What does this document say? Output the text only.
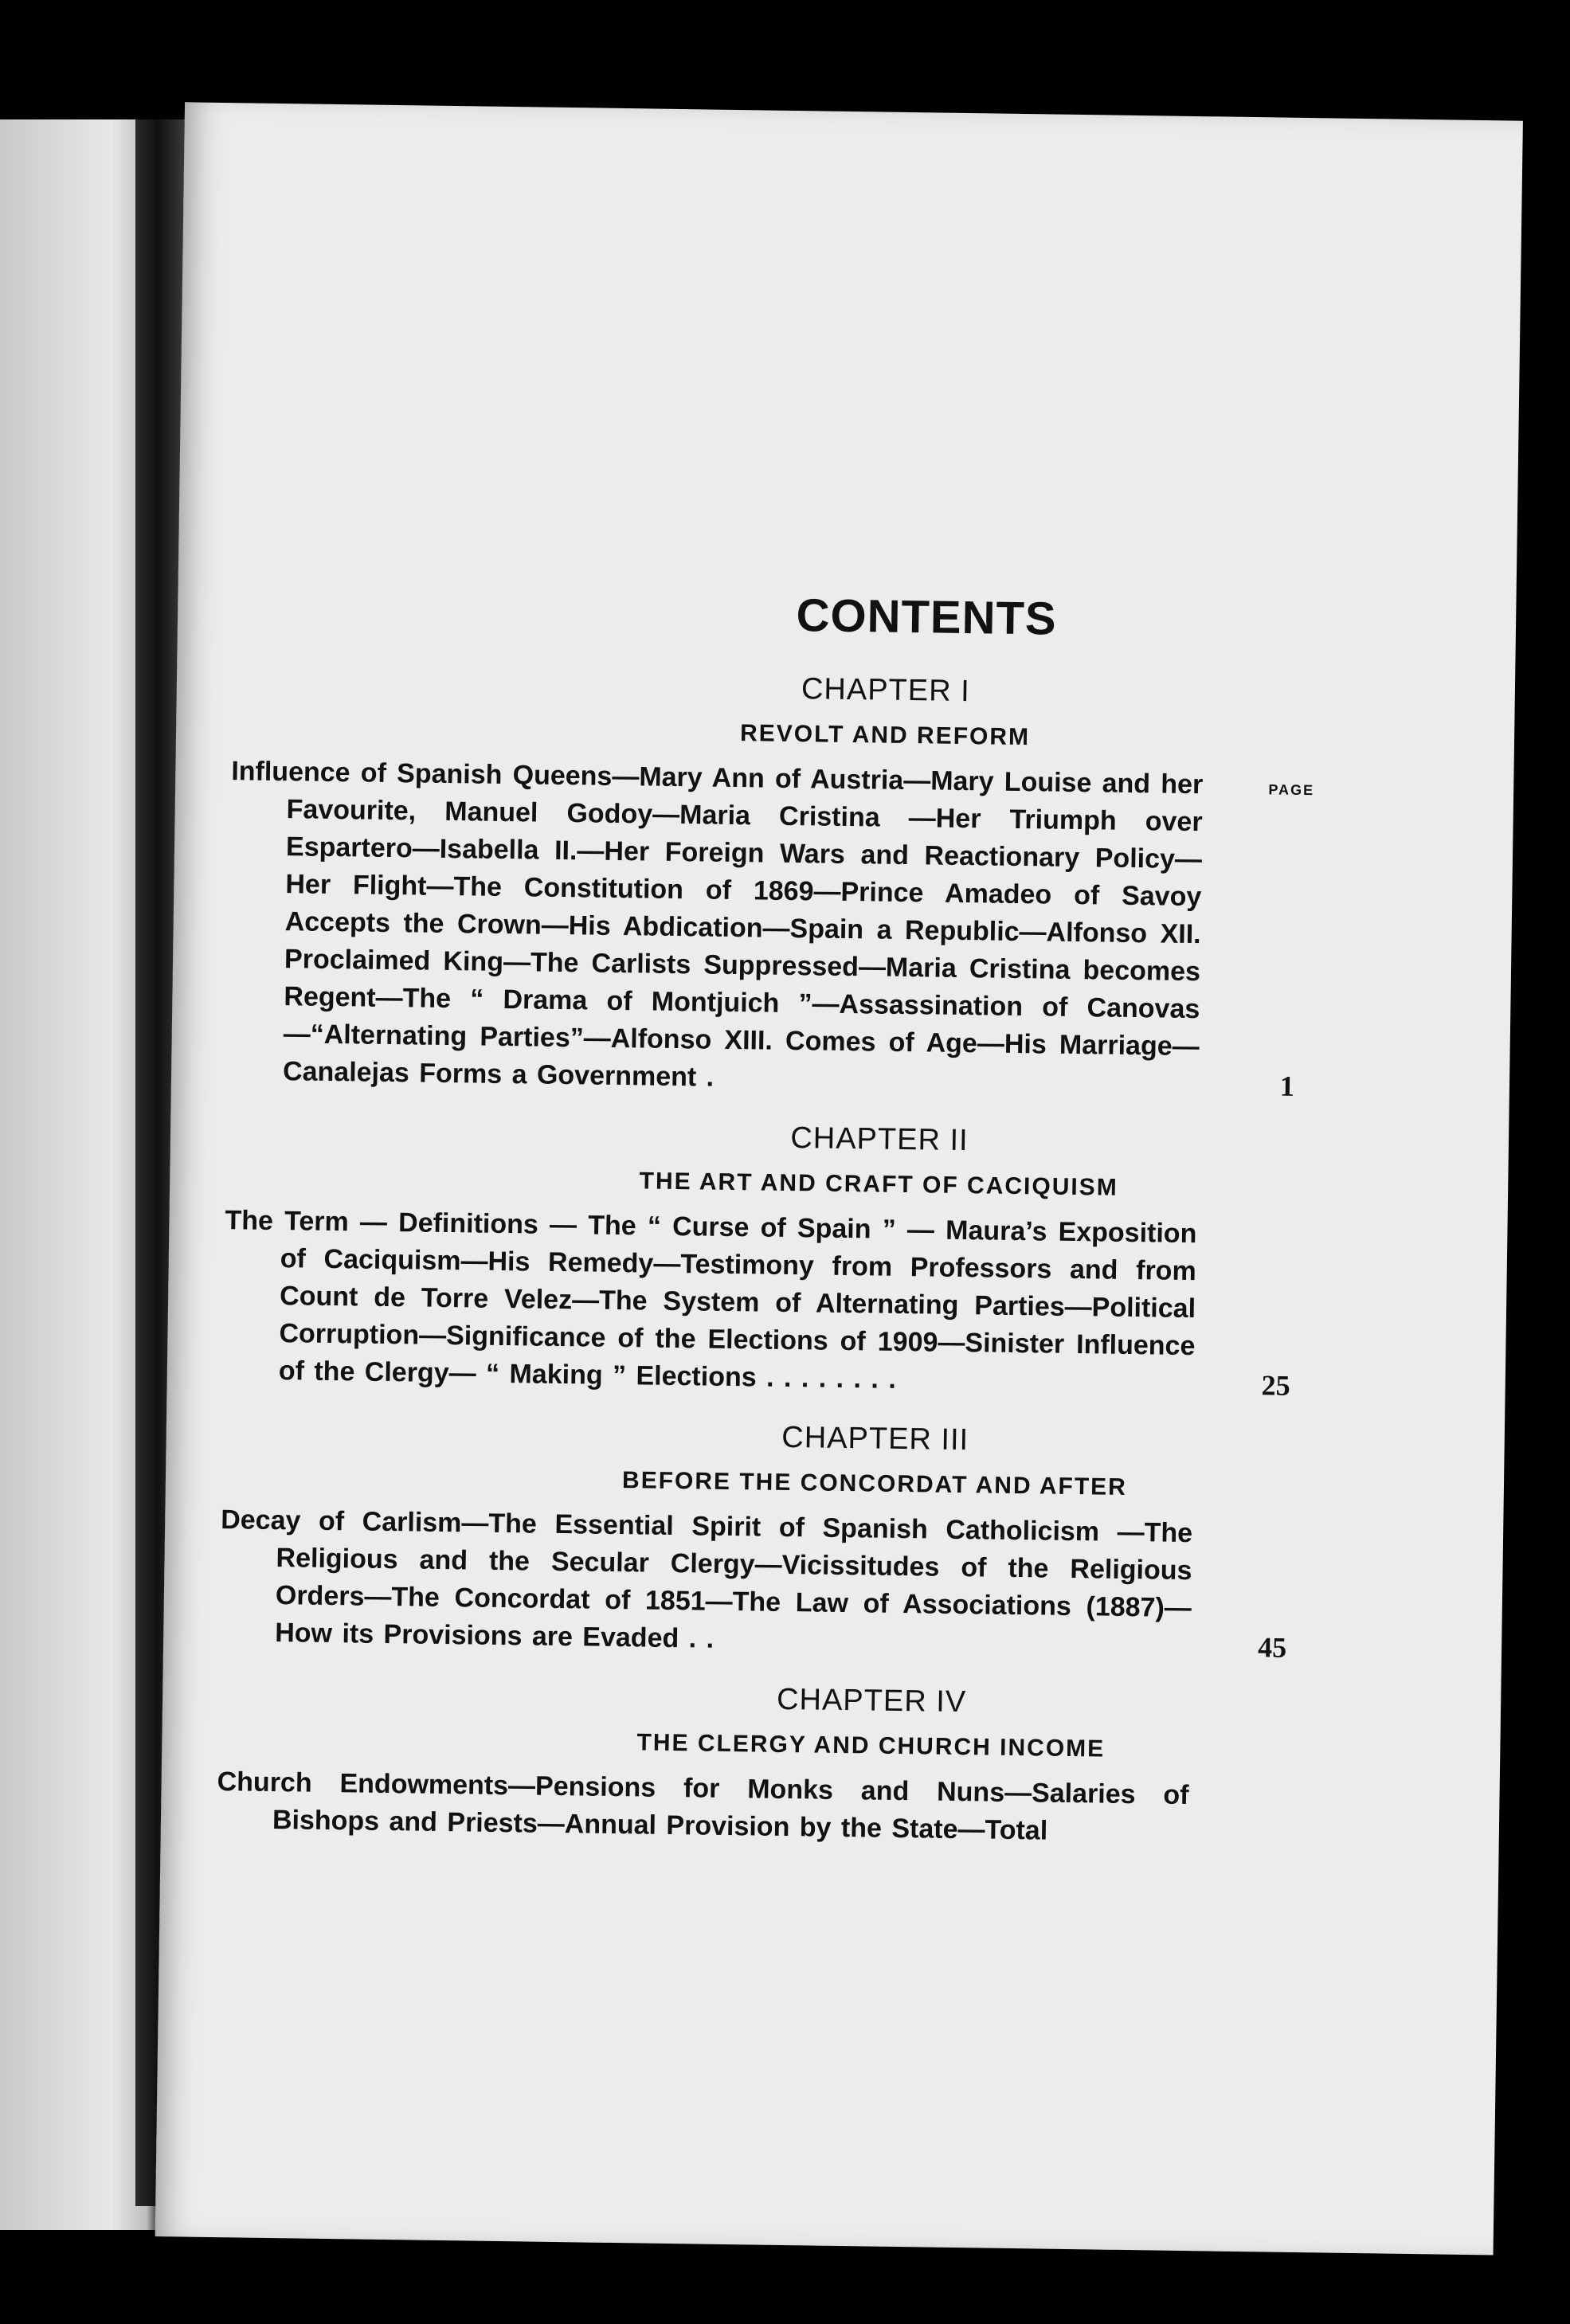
CONTENTS
CHAPTER I
REVOLT AND REFORM

Influence of Spanish Queens—Mary Ann of Austria—Mary Louise and her Favourite, Manuel Godoy—Maria Cristina —Her Triumph over Espartero—Isabella II.—Her Foreign Wars and Reactionary Policy—Her Flight—The Constitution of 1869—Prince Amadeo of Savoy Accepts the Crown—His Abdication—Spain a Republic—Alfonso XII. Proclaimed King—The Carlists Suppressed—Maria Cristina becomes Regent—The “ Drama of Montjuich ”—Assassination of Canovas—“Alternating Parties”—Alfonso XIII. Comes of Age—His Marriage—Canalejas Forms a Government .

PAGE
1
CHAPTER II
THE ART AND CRAFT OF CACIQUISM

The Term — Definitions — The “ Curse of Spain ” — Maura’s Exposition of Caciquism—His Remedy—Testimony from Professors and from Count de Torre Velez—The System of Alternating Parties—Political Corruption—Significance of the Elections of 1909—Sinister Influence of the Clergy— “ Making ” Elections . . . . . . . .	25
CHAPTER III
BEFORE THE CONCORDAT AND AFTER

Decay of Carlism—The Essential Spirit of Spanish Catholicism —The Religious and the Secular Clergy—Vicissitudes of the Religious Orders—The Concordat of 1851—The Law of Associations (1887)—How its Provisions are Evaded . .	45
CHAPTER IV
THE CLERGY AND CHURCH INCOME

Church Endowments—Pensions for Monks and Nuns—Salaries of Bishops and Priests—Annual Provision by the State—Total
